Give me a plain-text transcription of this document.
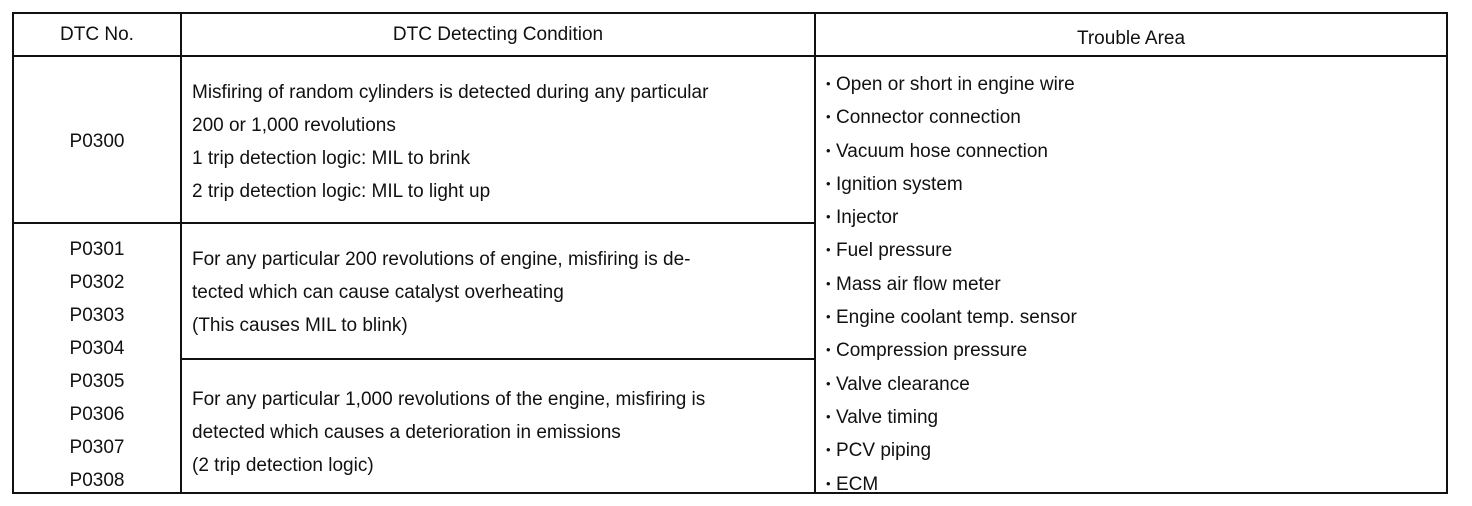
DTC No.	DTC Detecting Condition	Trouble Area
P0300
Misfiring of random cylinders is detected during any particular
200 or 1,000 revolutions
1 trip detection logic: MIL to brink
2 trip detection logic: MIL to light up
P0301
P0302
P0303
P0304
P0305
P0306
P0307
P0308
For any particular 200 revolutions of engine, misfiring is de-
tected which can cause catalyst overheating
(This causes MIL to blink)
For any particular 1,000 revolutions of the engine, misfiring is
detected which causes a deterioration in emissions
(2 trip detection logic)
• Open or short in engine wire
• Connector connection
• Vacuum hose connection
• Ignition system
• Injector
• Fuel pressure
• Mass air flow meter
• Engine coolant temp. sensor
• Compression pressure
• Valve clearance
• Valve timing
• PCV piping
• ECM
